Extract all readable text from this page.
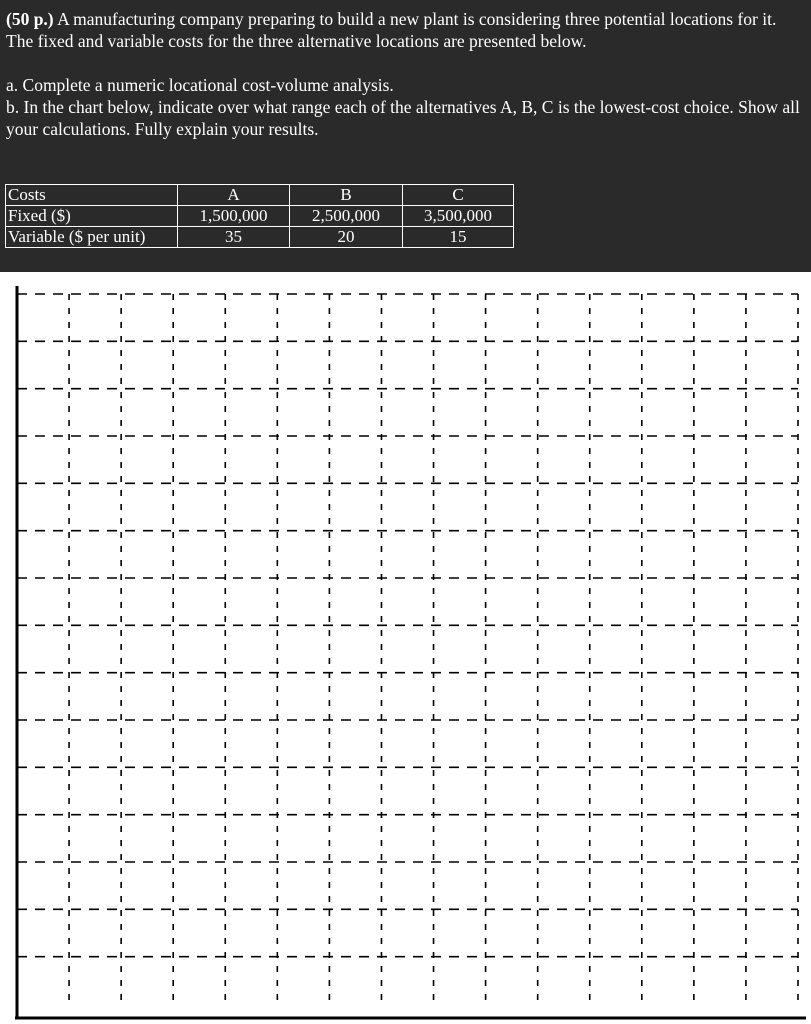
(50 p.) A manufacturing company preparing to build a new plant is considering three potential locations for it. The fixed and variable costs for the three alternative locations are presented below.

a. Complete a numeric locational cost-volume analysis.

b. In the chart below, indicate over what range each of the alternatives A, B, C is the lowest-cost choice. Show all your calculations. Fully explain your results.

Costs	A	B	C
Fixed ($)	1,500,000	2,500,000	3,500,000
Variable ($ per unit)	35	20	15
